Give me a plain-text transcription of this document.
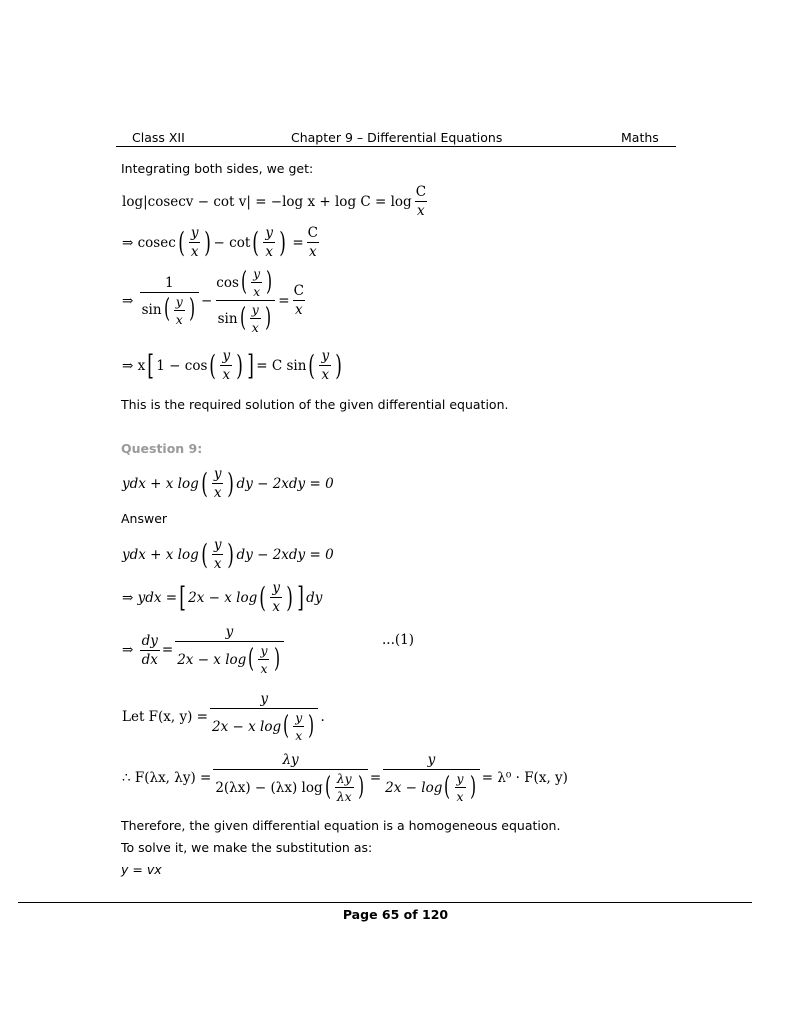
Class XII	Chapter 9 – Differential Equations	Maths
Integrating both sides, we get:
log|cosecv − cot v| = −log $x + \log C = \log \frac{C}{x}$
⇒
cosec ( $\frac{y}{x}$ ) − cot ( $\frac{y}{x}$ )
= $\frac{C}{x}$
⇒
$\frac{1}{\sin ( \frac{y}{x} )} - \frac{\cos ( \frac{y}{x} )}{\sin ( \frac{y}{x} )} = \frac{C}{x}$
⇒ x [ 1 − cos ( $\frac{y}{x}$ ) ] = C sin ( $\frac{y}{x}$ )
This is the required solution of the given differential equation.
Question 9:
ydx + x log ( $\frac{y}{x}$ ) dy − 2xdy = 0
Answer
ydx + x log ( $\frac{y}{x}$ ) dy − 2xdy = 0
⇒ ydx = [ 2x − x log ( $\frac{y}{x}$ ) ] dy
⇒
$\frac{dy}{dx} = \frac{y}{2x - x \log ( \frac{y}{x} )}$	...(1)
Let F(x, $y) = \frac{y}{2x - x \log ( \frac{y}{x} )}$ .
∴ F(λx, $\lambda y) = \frac{\lambda y}{2(\lambda x) - (\lambda x) \log ( \frac{\lambda y}{\lambda x} )} = \frac{y}{2x - \log ( \frac{y}{x} )} = \lambda^0 \cdot F(x$, y)
Therefore, the given differential equation is a homogeneous equation.
To solve it, we make the substitution as:
y = vx
Page 65 of 120
